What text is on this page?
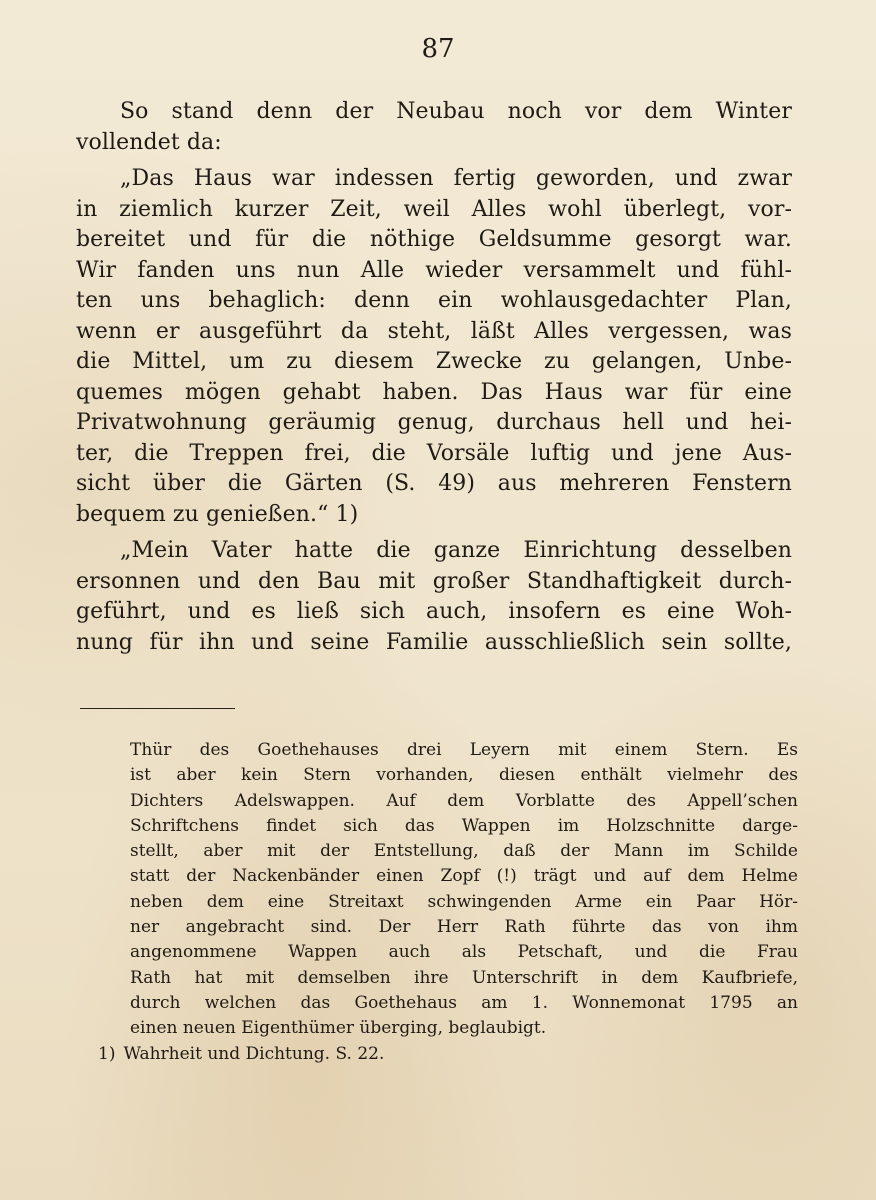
87
So stand denn der Neubau noch vor dem Winter
vollendet da:
„Das Haus war indessen fertig geworden, und zwar
in ziemlich kurzer Zeit, weil Alles wohl überlegt, vor-
bereitet und für die nöthige Geldsumme gesorgt war.
Wir fanden uns nun Alle wieder versammelt und fühl-
ten uns behaglich: denn ein wohlausgedachter Plan,
wenn er ausgeführt da steht, läßt Alles vergessen, was
die Mittel, um zu diesem Zwecke zu gelangen, Unbe-
quemes mögen gehabt haben. Das Haus war für eine
Privatwohnung geräumig genug, durchaus hell und hei-
ter, die Treppen frei, die Vorsäle luftig und jene Aus-
sicht über die Gärten (S. 49) aus mehreren Fenstern
bequem zu genießen.“ 1)
„Mein Vater hatte die ganze Einrichtung desselben
ersonnen und den Bau mit großer Standhaftigkeit durch-
geführt, und es ließ sich auch, insofern es eine Woh-
nung für ihn und seine Familie ausschließlich sein sollte,
Thür des Goethehauses drei Leyern mit einem Stern. Es
ist aber kein Stern vorhanden, diesen enthält vielmehr des
Dichters Adelswappen. Auf dem Vorblatte des Appell’schen
Schriftchens findet sich das Wappen im Holzschnitte darge-
stellt, aber mit der Entstellung, daß der Mann im Schilde
statt der Nackenbänder einen Zopf (!) trägt und auf dem Helme
neben dem eine Streitaxt schwingenden Arme ein Paar Hör-
ner angebracht sind. Der Herr Rath führte das von ihm
angenommene Wappen auch als Petschaft, und die Frau
Rath hat mit demselben ihre Unterschrift in dem Kaufbriefe,
durch welchen das Goethehaus am 1. Wonnemonat 1795 an
einen neuen Eigenthümer überging, beglaubigt.
1) Wahrheit und Dichtung. S. 22.
